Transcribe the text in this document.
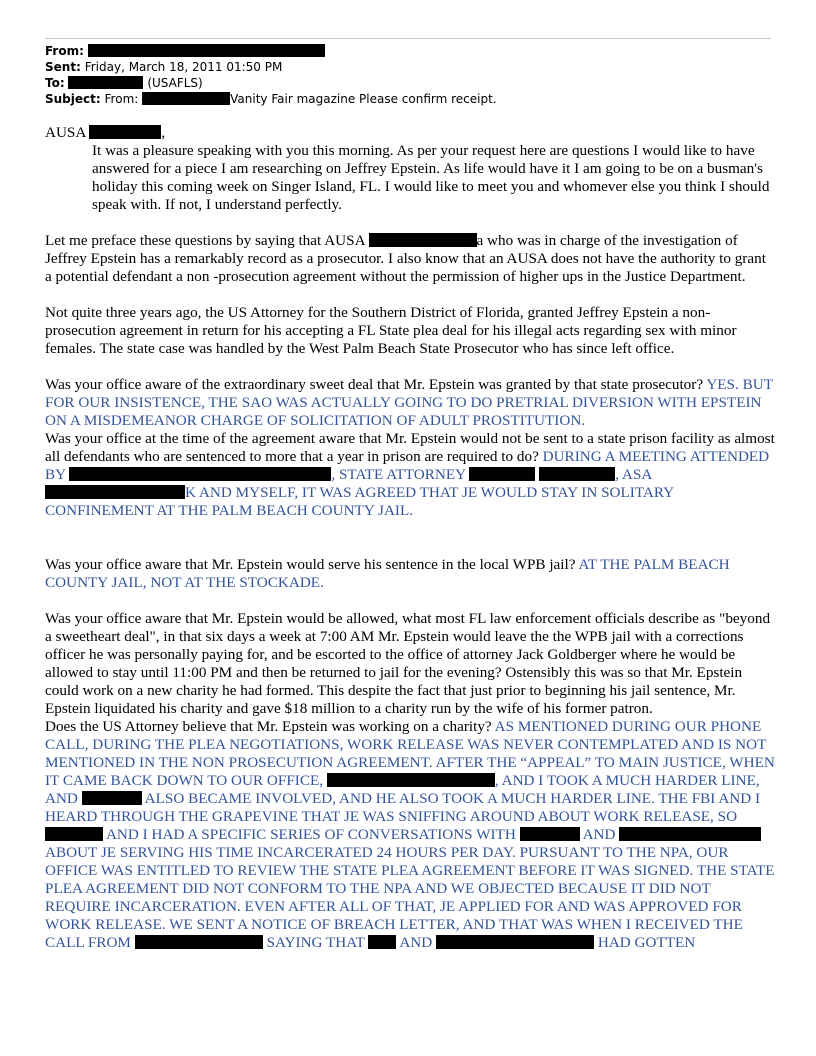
From:
Sent: Friday, March 18, 2011 01:50 PM
To:	(USAFLS)
Subject: From:	Vanity Fair magazine Please confirm receipt.

AUSA	,

It was a pleasure speaking with you this morning. As per your request here are questions I would like to have answered for a piece I am researching on Jeffrey Epstein. As life would have it I am going to be on a busman's holiday this coming week on Singer Island, FL. I would like to meet you and whomever else you think I should speak with. If not, I understand perfectly.

Let me preface these questions by saying that AUSA	a who was in charge of the investigation of Jeffrey Epstein has a remarkably record as a prosecutor. I also know that an AUSA does not have the authority to grant a potential defendant a non -prosecution agreement without the permission of higher ups in the Justice Department.

Not quite three years ago, the US Attorney for the Southern District of Florida, granted Jeffrey Epstein a non-prosecution agreement in return for his accepting a FL State plea deal for his illegal acts regarding sex with minor females. The state case was handled by the West Palm Beach State Prosecutor who has since left office.

Was your office aware of the extraordinary sweet deal that Mr. Epstein was granted by that state prosecutor? YES. BUT FOR OUR INSISTENCE, THE SAO WAS ACTUALLY GOING TO DO PRETRIAL DIVERSION WITH EPSTEIN ON A MISDEMEANOR CHARGE OF SOLICITATION OF ADULT PROSTITUTION.

Was your office at the time of the agreement aware that Mr. Epstein would not be sent to a state prison facility as almost all defendants who are sentenced to more that a year in prison are required to do? DURING A MEETING ATTENDED BY	, STATE ATTORNEY	, ASA K AND MYSELF, IT WAS AGREED THAT JE WOULD STAY IN SOLITARY CONFINEMENT AT THE PALM BEACH COUNTY JAIL.

Was your office aware that Mr. Epstein would serve his sentence in the local WPB jail? AT THE PALM BEACH COUNTY JAIL, NOT AT THE STOCKADE.

Was your office aware that Mr. Epstein would be allowed, what most FL law enforcement officials describe as "beyond a sweetheart deal", in that six days a week at 7:00 AM Mr. Epstein would leave the the WPB jail with a corrections officer he was personally paying for, and be escorted to the office of attorney Jack Goldberger where he would be allowed to stay until 11:00 PM and then be returned to jail for the evening? Ostensibly this was so that Mr. Epstein could work on a new charity he had formed. This despite the fact that just prior to beginning his jail sentence, Mr. Epstein liquidated his charity and gave $18 million to a charity run by the wife of his former patron.

Does the US Attorney believe that Mr. Epstein was working on a charity? AS MENTIONED DURING OUR PHONE CALL, DURING THE PLEA NEGOTIATIONS, WORK RELEASE WAS NEVER CONTEMPLATED AND IS NOT MENTIONED IN THE NON PROSECUTION AGREEMENT. AFTER THE “APPEAL” TO MAIN JUSTICE, WHEN IT CAME BACK DOWN TO OUR OFFICE,	, AND I TOOK A MUCH HARDER LINE, AND	ALSO BECAME INVOLVED, AND HE ALSO TOOK A MUCH HARDER LINE. THE FBI AND I HEARD THROUGH THE GRAPEVINE THAT JE WAS SNIFFING AROUND ABOUT WORK RELEASE, SO  AND I HAD A SPECIFIC SERIES OF CONVERSATIONS WITH	AND  ABOUT JE SERVING HIS TIME INCARCERATED 24 HOURS PER DAY. PURSUANT TO THE NPA, OUR OFFICE WAS ENTITLED TO REVIEW THE STATE PLEA AGREEMENT BEFORE IT WAS SIGNED. THE STATE PLEA AGREEMENT DID NOT CONFORM TO THE NPA AND WE OBJECTED BECAUSE IT DID NOT REQUIRE INCARCERATION. EVEN AFTER ALL OF THAT, JE APPLIED FOR AND WAS APPROVED FOR WORK RELEASE. WE SENT A NOTICE OF BREACH LETTER, AND THAT WAS WHEN I RECEIVED THE CALL FROM	SAYING THAT AND	HAD GOTTEN
